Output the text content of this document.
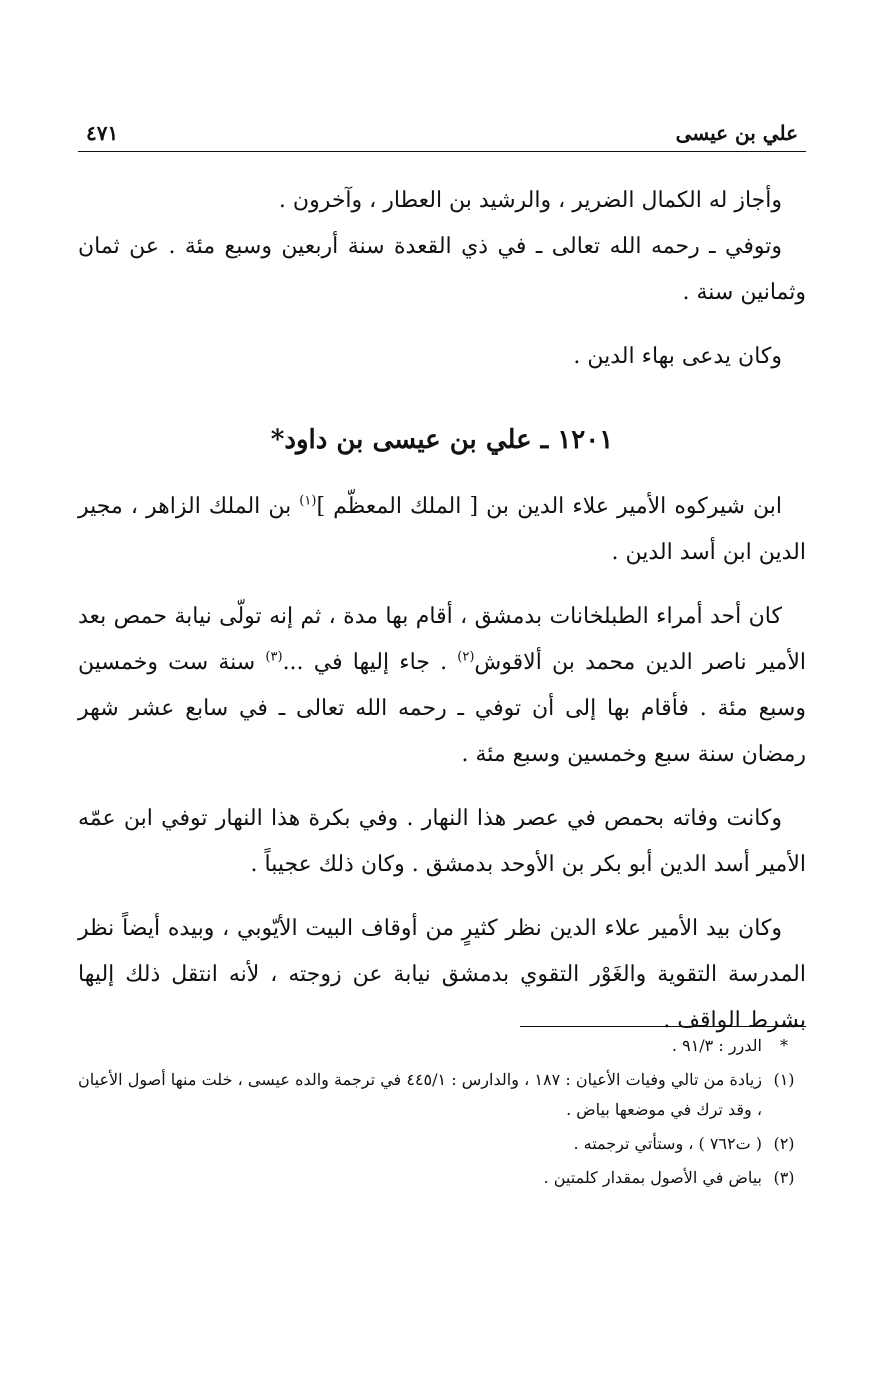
علي بن عيسى
٤٧١

وأجاز له الكمال الضرير ، والرشيد بن العطار ، وآخرون .

وتوفي ـ رحمه الله تعالى ـ في ذي القعدة سنة أربعين وسبع مئة . عن ثمان وثمانين سنة .

وكان يدعى بهاء الدين .

١٢٠١ ـ علي بن عيسى بن داود*

ابن شيركوه الأمير علاء الدين بن [ الملك المعظّم ]$^{(١)}$ بن الملك الزاهر ، مجير الدين ابن أسد الدين .

كان أحد أمراء الطبلخانات بدمشق ، أقام بها مدة ، ثم إنه تولّى نيابة حمص بعد الأمير ناصر الدين محمد بن ألاقوش$^{(٢)}$ . جاء إليها في ...$^{(٣)}$ سنة ست وخمسين وسبع مئة . فأقام بها إلى أن توفي ـ رحمه الله تعالى ـ في سابع عشر شهر رمضان سنة سبع وخمسين وسبع مئة .

وكانت وفاته بحمص في عصر هذا النهار . وفي بكرة هذا النهار توفي ابن عمّه الأمير أسد الدين أبو بكر بن الأوحد بدمشق . وكان ذلك عجيباً .

وكان بيد الأمير علاء الدين نظر كثيرٍ من أوقاف البيت الأيّوبي ، وبيده أيضاً نظر المدرسة التقوية والغَوْر التقوي بدمشق نيابة عن زوجته ، لأنه انتقل ذلك إليها بشرط الواقف .

*
الدرر : ٩١/٣ .
(١)
زيادة من تالي وفيات الأعيان : ١٨٧ ، والدارس : ٤٤٥/١ في ترجمة والده عيسى ، خلت منها أصول الأعيان ، وقد ترك في موضعها بياض .
(٢)
( ت٧٦٢ ) ، وستأتي ترجمته .
(٣)
بياض في الأصول بمقدار كلمتين .
